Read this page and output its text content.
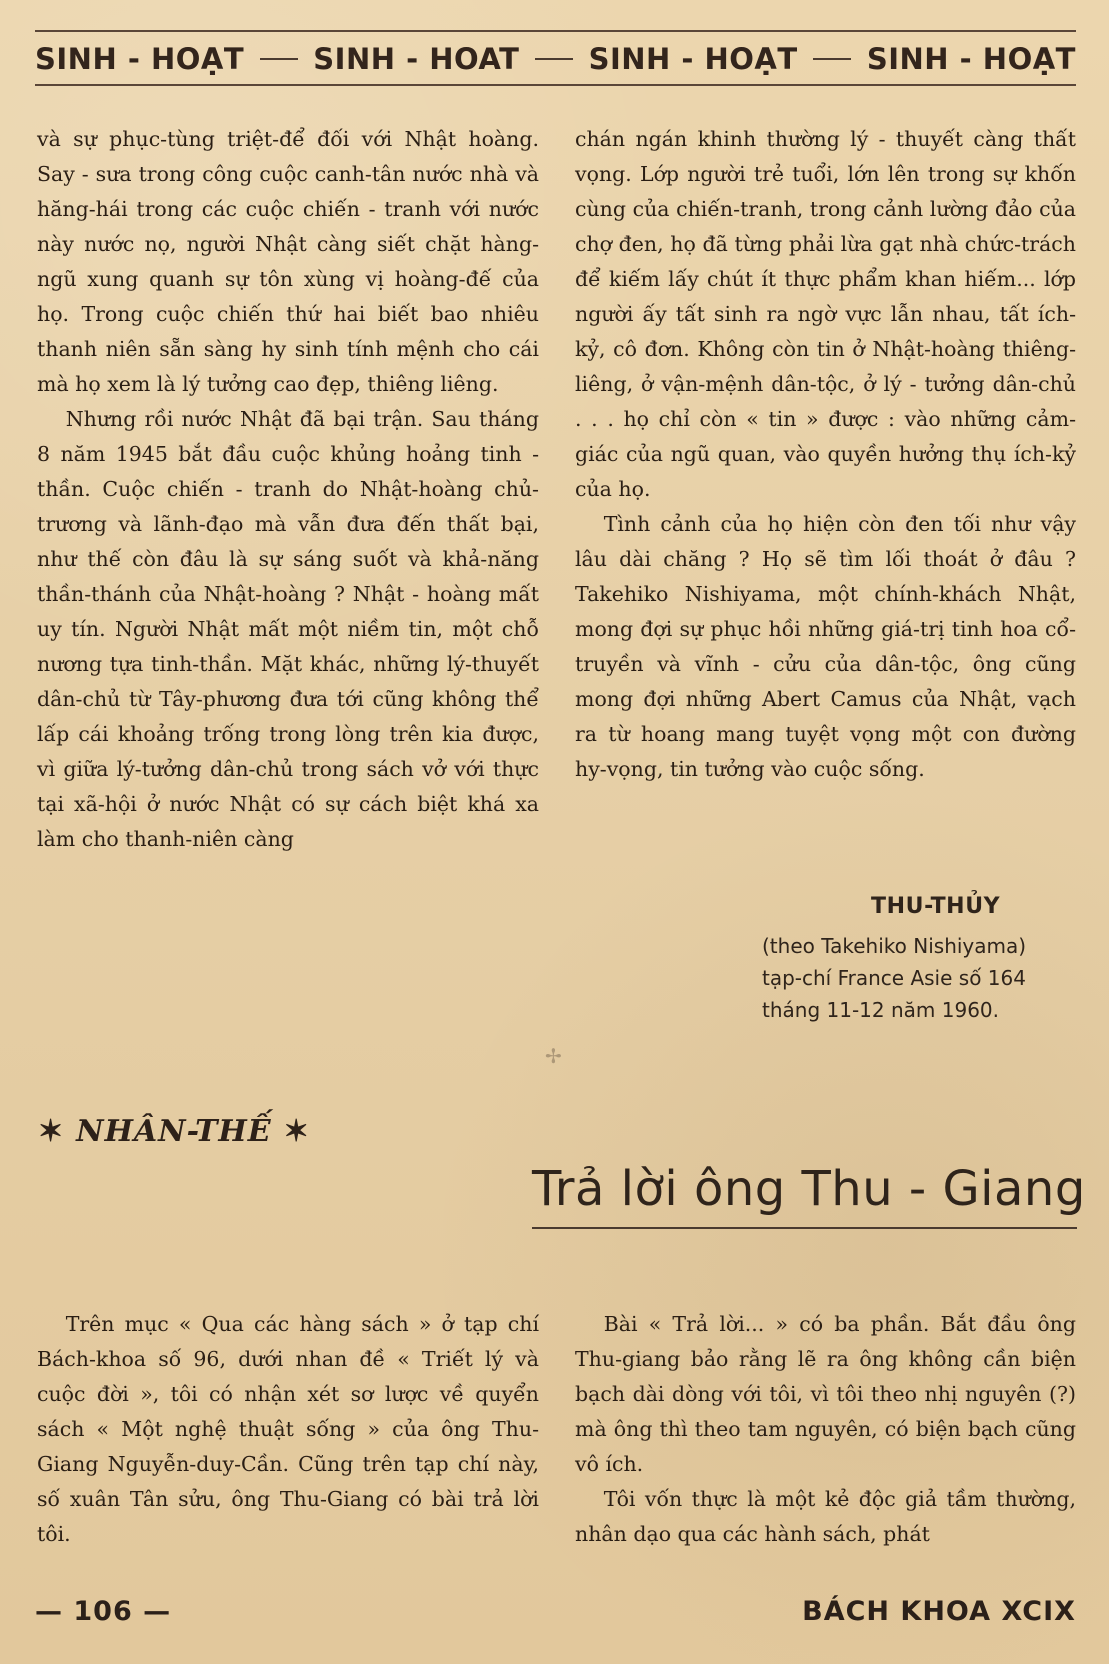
SINH - HOẠT SINH - HOAT SINH - HOẠT SINH - HOẠT

và sự phục-tùng triệt-để đối với Nhật hoàng. Say - sưa trong công cuộc canh-tân nước nhà và hăng-hái trong các cuộc chiến - tranh với nước này nước nọ, người Nhật càng siết chặt hàng-ngũ xung quanh sự tôn xùng vị hoàng-đế của họ. Trong cuộc chiến thứ hai biết bao nhiêu thanh niên sẵn sàng hy sinh tính mệnh cho cái mà họ xem là lý tưởng cao đẹp, thiêng liêng.

Nhưng rồi nước Nhật đã bại trận. Sau tháng 8 năm 1945 bắt đầu cuộc khủng hoảng tinh - thần. Cuộc chiến - tranh do Nhật-hoàng chủ-trương và lãnh-đạo mà vẫn đưa đến thất bại, như thế còn đâu là sự sáng suốt và khả-năng thần-thánh của Nhật-hoàng ? Nhật - hoàng mất uy tín. Người Nhật mất một niềm tin, một chỗ nương tựa tinh-thần. Mặt khác, những lý-thuyết dân-chủ từ Tây-phương đưa tới cũng không thể lấp cái khoảng trống trong lòng trên kia được, vì giữa lý-tưởng dân-chủ trong sách vở với thực tại xã-hội ở nước Nhật có sự cách biệt khá xa làm cho thanh-niên càng

chán ngán khinh thường lý - thuyết càng thất vọng. Lớp người trẻ tuổi, lớn lên trong sự khốn cùng của chiến-tranh, trong cảnh lường đảo của chợ đen, họ đã từng phải lừa gạt nhà chức-trách để kiếm lấy chút ít thực phẩm khan hiếm... lớp người ấy tất sinh ra ngờ vực lẫn nhau, tất ích-kỷ, cô đơn. Không còn tin ở Nhật-hoàng thiêng-liêng, ở vận-mệnh dân-tộc, ở lý - tưởng dân-chủ . . . họ chỉ còn « tin » được : vào những cảm-giác của ngũ quan, vào quyền hưởng thụ ích-kỷ của họ.

Tình cảnh của họ hiện còn đen tối như vậy lâu dài chăng ? Họ sẽ tìm lối thoát ở đâu ? Takehiko Nishiyama, một chính-khách Nhật, mong đợi sự phục hồi những giá-trị tinh hoa cổ-truyền và vĩnh - cửu của dân-tộc, ông cũng mong đợi những Abert Camus của Nhật, vạch ra từ hoang mang tuyệt vọng một con đường hy-vọng, tin tưởng vào cuộc sống.

THU-THỦY
(theo Takehiko Nishiyama)
tạp-chí France Asie số 164
tháng 11-12 năm 1960.
✢
✶ NHÂN-THẾ ✶
Trả lời ông Thu - Giang

Trên mục « Qua các hàng sách » ở tạp chí Bách-khoa số 96, dưới nhan đề « Triết lý và cuộc đời », tôi có nhận xét sơ lược về quyển sách « Một nghệ thuật sống » của ông Thu-Giang Nguyễn-duy-Cần. Cũng trên tạp chí này, số xuân Tân sửu, ông Thu-Giang có bài trả lời tôi.

Bài « Trả lời... » có ba phần. Bắt đầu ông Thu-giang bảo rằng lẽ ra ông không cần biện bạch dài dòng với tôi, vì tôi theo nhị nguyên (?) mà ông thì theo tam nguyên, có biện bạch cũng vô ích.

Tôi vốn thực là một kẻ độc giả tầm thường, nhân dạo qua các hành sách, phát

— 106 —	BÁCH KHOA XCIX
